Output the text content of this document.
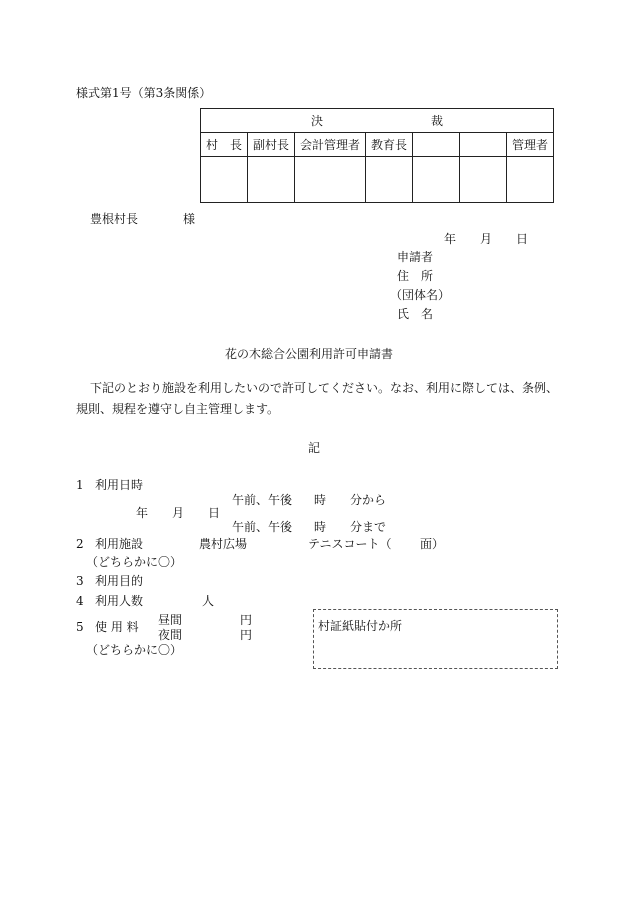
様式第1号（第3条関係）
決　　　　　　　　　裁						
村　長	副村長	会計管理者	教育長			管理者

豊根村長	様
年 月 日
申請者
住　所
（団体名）
氏　名
花の木総合公園利用許可申請書
下記のとおり施設を利用したいので許可してください。なお、利用に際しては、条例、
規則、規程を遵守し自主管理します。
記
1 利用日時
午前、午後 時 分から
年 月 日
午前、午後 時 分まで
2 利用施設	農村広場	テニスコート（ 面）
（どちらかに〇）
3 利用目的
4 利用人数	人
5 使 用 料 昼間	円
夜間	円
（どちらかに〇）
村証紙貼付か所
